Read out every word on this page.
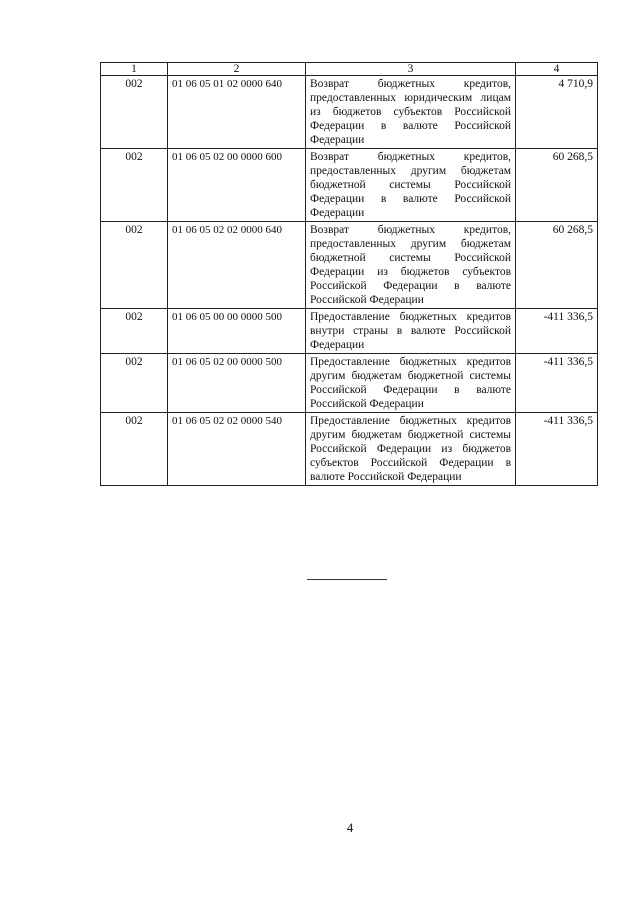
1	2	3	4
002	01 06 05 01 02 0000 640	Возврат бюджетных кредитов, предоставленных юридическим лицам из бюджетов субъектов Российской Федерации в валюте Российской Федерации	4 710,9
002	01 06 05 02 00 0000 600	Возврат бюджетных кредитов, предоставленных другим бюджетам бюджетной системы Российской Федерации в валюте Российской Федерации	60 268,5
002	01 06 05 02 02 0000 640	Возврат бюджетных кредитов, предоставленных другим бюджетам бюджетной системы Российской Федерации из бюджетов субъектов Российской Федерации в валюте Российской Федерации	60 268,5
002	01 06 05 00 00 0000 500	Предоставление бюджетных кредитов внутри страны в валюте Российской Федерации	-411 336,5
002	01 06 05 02 00 0000 500	Предоставление бюджетных кредитов другим бюджетам бюджетной системы Российской Федерации в валюте Российской Федерации	-411 336,5
002	01 06 05 02 02 0000 540	Предоставление бюджетных кредитов другим бюджетам бюджетной системы Российской Федерации из бюджетов субъектов Российской Федерации в валюте Российской Федерации	-411 336,5
4
